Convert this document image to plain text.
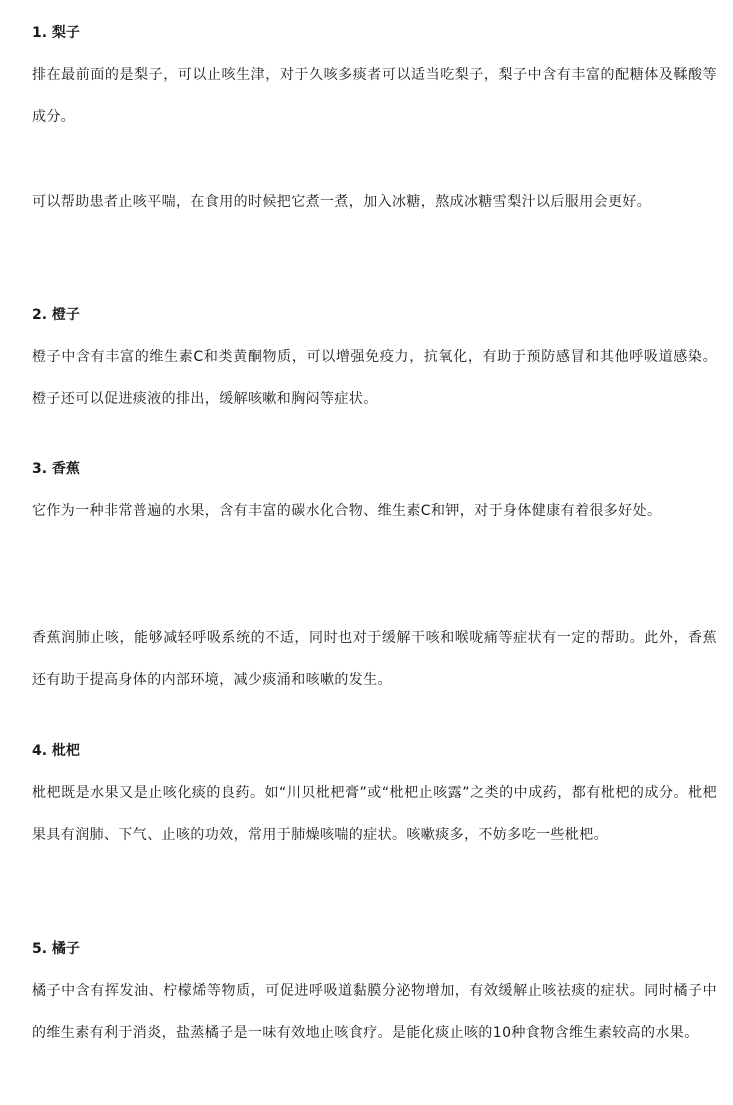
1. 梨子
排在最前面的是梨子，可以止咳生津，对于久咳多痰者可以适当吃梨子，梨子中含有丰富的配糖体及鞣酸等成分。
可以帮助患者止咳平喘，在食用的时候把它煮一煮，加入冰糖，熬成冰糖雪梨汁以后服用会更好。
2. 橙子
橙子中含有丰富的维生素C和类黄酮物质，可以增强免疫力，抗氧化，有助于预防感冒和其他呼吸道感染。橙子还可以促进痰液的排出，缓解咳嗽和胸闷等症状。
3. 香蕉
它作为一种非常普遍的水果，含有丰富的碳水化合物、维生素C和钾，对于身体健康有着很多好处。
香蕉润肺止咳，能够减轻呼吸系统的不适，同时也对于缓解干咳和喉咙痛等症状有一定的帮助。此外，香蕉还有助于提高身体的内部环境，减少痰涌和咳嗽的发生。
4. 枇杷
枇杷既是水果又是止咳化痰的良药。如“川贝枇杷膏”或“枇杷止咳露”之类的中成药，都有枇杷的成分。枇杷果具有润肺、下气、止咳的功效，常用于肺燥咳喘的症状。咳嗽痰多，不妨多吃一些枇杷。
5. 橘子
橘子中含有挥发油、柠檬烯等物质，可促进呼吸道黏膜分泌物增加，有效缓解止咳祛痰的症状。同时橘子中的维生素有利于消炎，盐蒸橘子是一味有效地止咳食疗。是能化痰止咳的10种食物含维生素较高的水果。
